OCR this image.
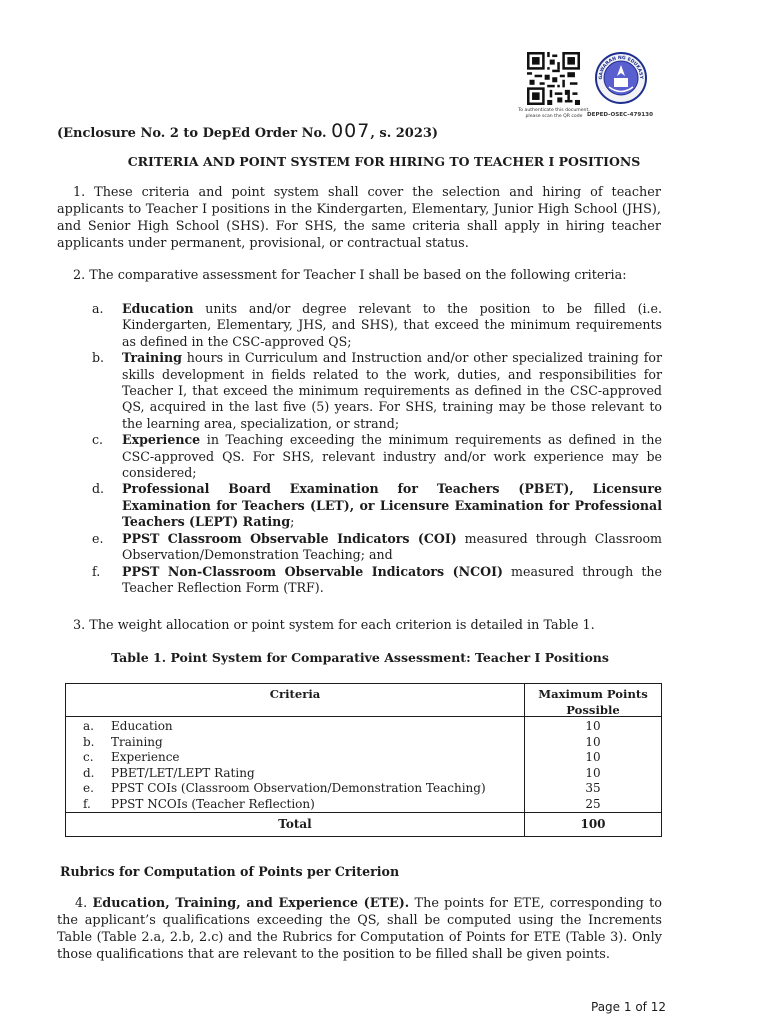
GAWARAN NG EDUKASY
To authenticate this document, please scan the QR code DEPED-OSEC-479130
(Enclosure No. 2 to DepEd Order No. 007, s. 2023)
CRITERIA AND POINT SYSTEM FOR HIRING TO TEACHER I POSITIONS
1. These criteria and point system shall cover the selection and hiring of teacher applicants to Teacher I positions in the Kindergarten, Elementary, Junior High School (JHS), and Senior High School (SHS). For SHS, the same criteria shall apply in hiring teacher applicants under permanent, provisional, or contractual status.
2. The comparative assessment for Teacher I shall be based on the following criteria:
a. Education units and/or degree relevant to the position to be filled (i.e. Kindergarten, Elementary, JHS, and SHS), that exceed the minimum requirements as defined in the CSC-approved QS;
b. Training hours in Curriculum and Instruction and/or other specialized training for skills development in fields related to the work, duties, and responsibilities for Teacher I, that exceed the minimum requirements as defined in the CSC-approved QS, acquired in the last five (5) years. For SHS, training may be those relevant to the learning area, specialization, or strand;
c. Experience in Teaching exceeding the minimum requirements as defined in the CSC-approved QS. For SHS, relevant industry and/or work experience may be considered;
d. Professional Board Examination for Teachers (PBET), Licensure Examination for Teachers (LET), or Licensure Examination for Professional Teachers (LEPT) Rating;
e. PPST Classroom Observable Indicators (COI) measured through Classroom Observation/Demonstration Teaching; and
f. PPST Non-Classroom Observable Indicators (NCOI) measured through the Teacher Reflection Form (TRF).
3. The weight allocation or point system for each criterion is detailed in Table 1.
Table 1. Point System for Comparative Assessment: Teacher I Positions
Criteria	Maximum Points
Possible
a. Education	10
b. Training	10
c. Experience	10
d. PBET/LET/LEPT Rating	10
e. PPST COIs (Classroom Observation/Demonstration Teaching)	35
f. PPST NCOIs (Teacher Reflection)	25
Total	100
Rubrics for Computation of Points per Criterion
4. Education, Training, and Experience (ETE). The points for ETE, corresponding to the applicant’s qualifications exceeding the QS, shall be computed using the Increments Table (Table 2.a, 2.b, 2.c) and the Rubrics for Computation of Points for ETE (Table 3). Only those qualifications that are relevant to the position to be filled shall be given points.
Page 1 of 12
